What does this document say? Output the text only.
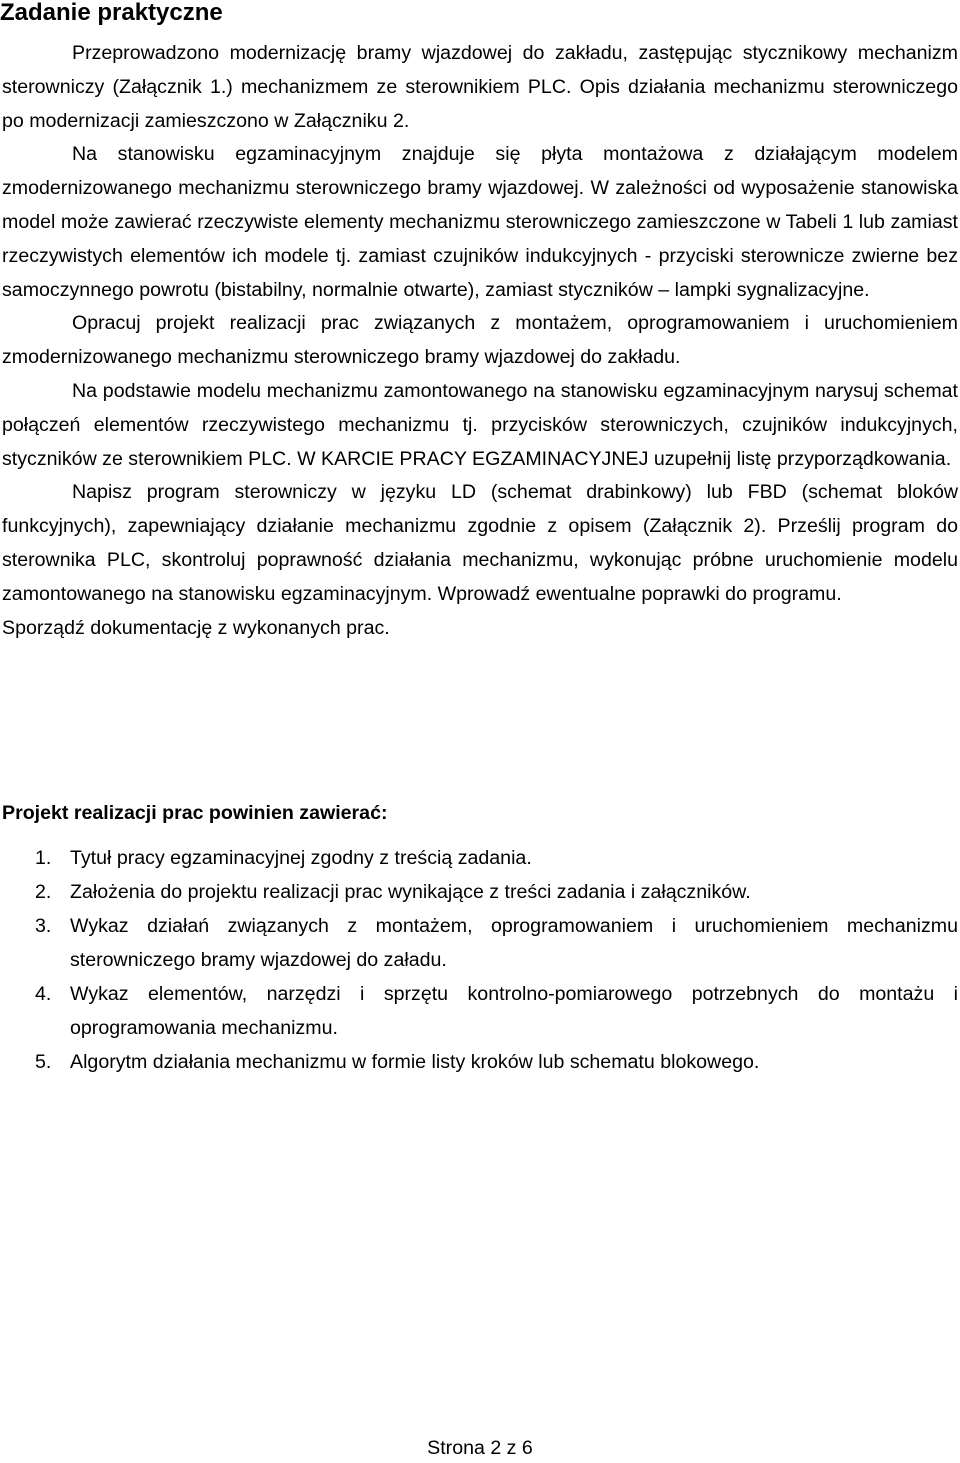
Zadanie praktyczne

Przeprowadzono modernizację bramy wjazdowej do zakładu, zastępując stycznikowy mechanizm sterowniczy (Załącznik 1.) mechanizmem ze sterownikiem PLC. Opis działania mechanizmu sterowniczego po modernizacji zamieszczono w Załączniku 2.

Na stanowisku egzaminacyjnym znajduje się płyta montażowa z działającym modelem zmodernizowanego mechanizmu sterowniczego bramy wjazdowej. W zależności od wyposażenie stanowiska model może zawierać rzeczywiste elementy mechanizmu sterowniczego zamieszczone w Tabeli 1 lub zamiast rzeczywistych elementów ich modele tj. zamiast czujników indukcyjnych - przyciski sterownicze zwierne bez samoczynnego powrotu (bistabilny, normalnie otwarte), zamiast styczników – lampki sygnalizacyjne.

Opracuj projekt realizacji prac związanych z montażem, oprogramowaniem i uruchomieniem zmodernizowanego mechanizmu sterowniczego bramy wjazdowej do zakładu.

Na podstawie modelu mechanizmu zamontowanego na stanowisku egzaminacyjnym narysuj schemat połączeń elementów rzeczywistego mechanizmu tj. przycisków sterowniczych, czujników indukcyjnych, styczników ze sterownikiem PLC. W KARCIE PRACY EGZAMINACYJNEJ uzupełnij listę przyporządkowania.

Napisz program sterowniczy w języku LD (schemat drabinkowy) lub FBD (schemat bloków funkcyjnych), zapewniający działanie mechanizmu zgodnie z opisem (Załącznik 2). Prześlij program do sterownika PLC, skontroluj poprawność działania mechanizmu, wykonując próbne uruchomienie modelu zamontowanego na stanowisku egzaminacyjnym. Wprowadź ewentualne poprawki do programu.

Sporządź dokumentację z wykonanych prac.

Projekt realizacji prac powinien zawierać:
1. Tytuł pracy egzaminacyjnej zgodny z treścią zadania.
2. Założenia do projektu realizacji prac wynikające z treści zadania i załączników.
3. Wykaz działań związanych z montażem, oprogramowaniem i uruchomieniem mechanizmu sterowniczego bramy wjazdowej do załadu.
4. Wykaz elementów, narzędzi i sprzętu kontrolno-pomiarowego potrzebnych do montażu i oprogramowania mechanizmu.
5. Algorytm działania mechanizmu w formie listy kroków lub schematu blokowego.
Strona 2 z 6
